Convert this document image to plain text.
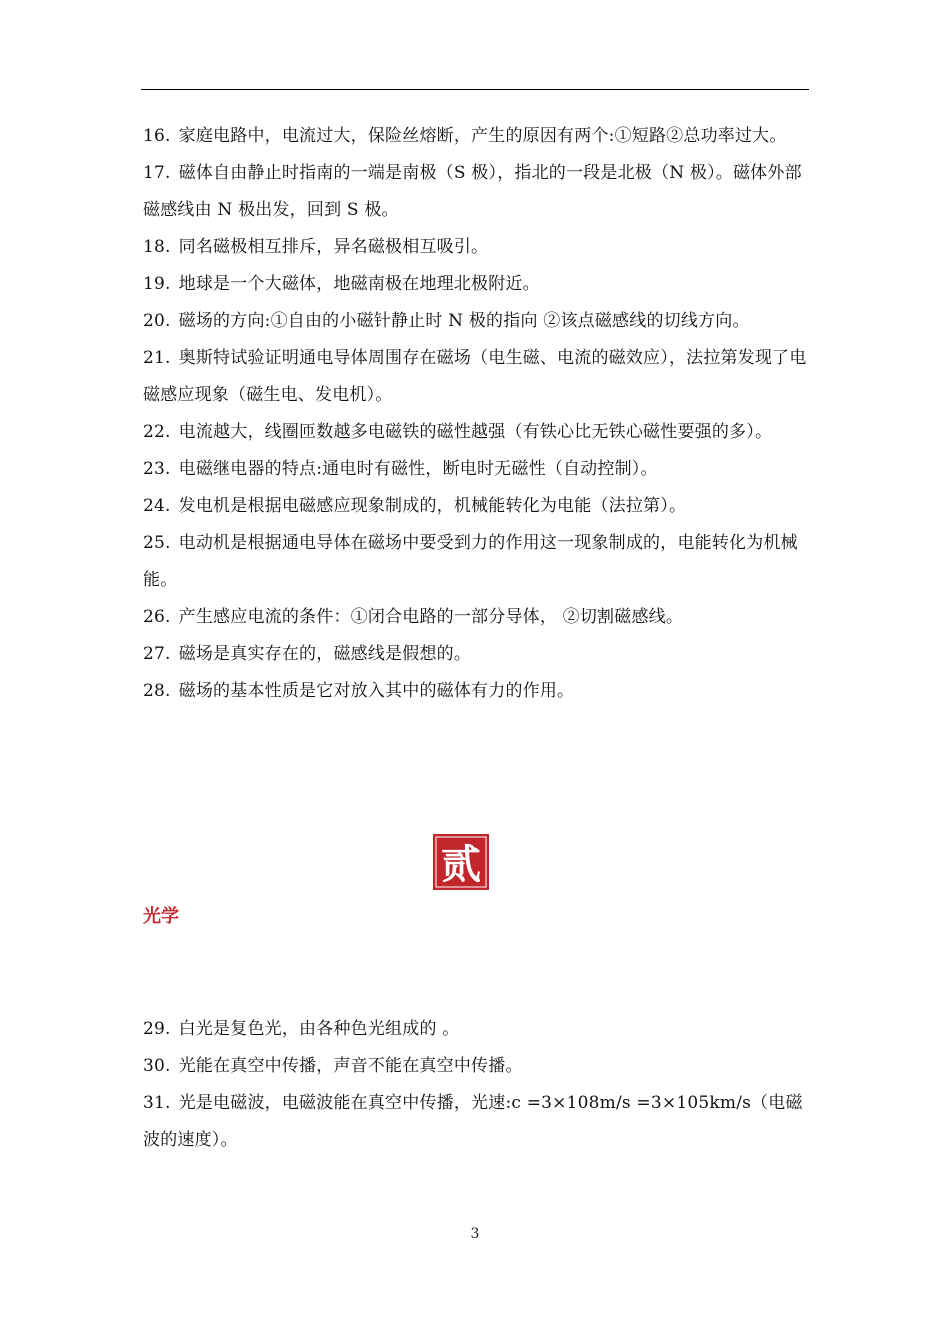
16. 家庭电路中，电流过大，保险丝熔断，产生的原因有两个:①短路②总功率过大。

17. 磁体自由静止时指南的一端是南极（S 极），指北的一段是北极（N 极）。磁体外部磁感线由 N 极出发，回到 S 极。

18. 同名磁极相互排斥，异名磁极相互吸引。

19. 地球是一个大磁体，地磁南极在地理北极附近。

20. 磁场的方向:①自由的小磁针静止时 N 极的指向 ②该点磁感线的切线方向。

21. 奥斯特试验证明通电导体周围存在磁场（电生磁、电流的磁效应），法拉第发现了电磁感应现象（磁生电、发电机）。

22. 电流越大，线圈匝数越多电磁铁的磁性越强（有铁心比无铁心磁性要强的多）。

23. 电磁继电器的特点:通电时有磁性，断电时无磁性（自动控制）。

24. 发电机是根据电磁感应现象制成的，机械能转化为电能（法拉第）。

25. 电动机是根据通电导体在磁场中要受到力的作用这一现象制成的，电能转化为机械能。

26. 产生感应电流的条件：①闭合电路的一部分导体， ②切割磁感线。

27. 磁场是真实存在的，磁感线是假想的。

28. 磁场的基本性质是它对放入其中的磁体有力的作用。

贰
光学

29. 白光是复色光，由各种色光组成的 。

30. 光能在真空中传播，声音不能在真空中传播。

31. 光是电磁波，电磁波能在真空中传播，光速:c =3×108m/s =3×105km/s（电磁波的速度）。

3
